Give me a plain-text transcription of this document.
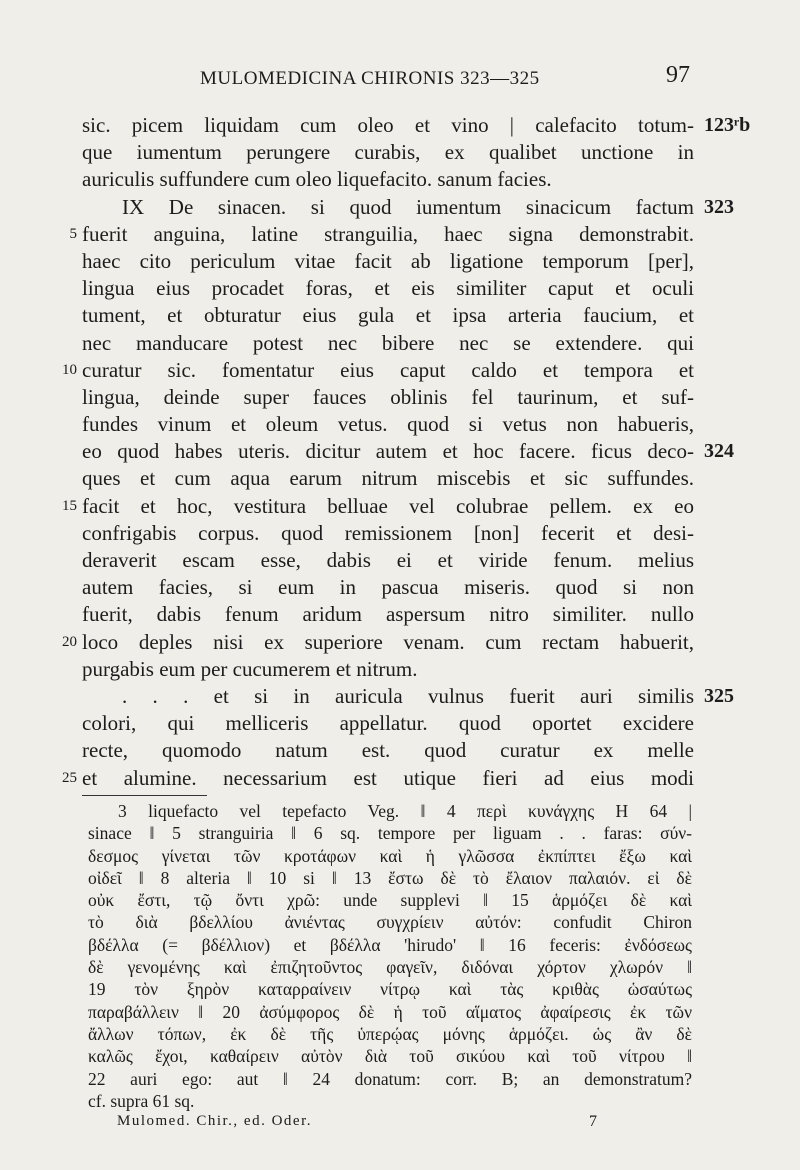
MULOMEDICINA CHIRONIS 323—325	97
sic. picem liquidam cum oleo et vino | calefacito totum- 123ʳb
que iumentum perungere curabis, ex qualibet unctione in
auriculis suffundere cum oleo liquefacito. sanum facies.
IX De sinacen. si quod iumentum sinacicum factum 323
fuerit anguina, latine stranguilia, haec signa demonstrabit.
5
haec cito periculum vitae facit ab ligatione temporum [per],
lingua eius procadet foras, et eis similiter caput et oculi
tument, et obturatur eius gula et ipsa arteria faucium, et
nec manducare potest nec bibere nec se extendere. qui
curatur sic. fomentatur eius caput caldo et tempora et
10
lingua, deinde super fauces oblinis fel taurinum, et suf-
fundes vinum et oleum vetus. quod si vetus non habueris,
eo quod habes uteris. dicitur autem et hoc facere. ficus deco- 324
ques et cum aqua earum nitrum miscebis et sic suffundes.
facit et hoc, vestitura belluae vel colubrae pellem. ex eo
15
confrigabis corpus. quod remissionem [non] fecerit et desi-
deraverit escam esse, dabis ei et viride fenum. melius
autem facies, si eum in pascua miseris. quod si non
fuerit, dabis fenum aridum aspersum nitro similiter. nullo
loco deples nisi ex superiore venam. cum rectam habuerit,
20
purgabis eum per cucumerem et nitrum.
. . . et si in auricula vulnus fuerit auri similis 325
colori, qui melliceris appellatur. quod oportet excidere
recte, quomodo natum est. quod curatur ex melle
et alumine. necessarium est utique fieri ad eius modi
25
3 liquefacto vel tepefacto Veg. ‖ 4 περὶ κυνάγχης H 64 |
sinace ‖ 5 stranguiria ‖ 6 sq. tempore per liguam . . faras: σύν-
δεσμος γίνεται τῶν κροτάφων καὶ ἡ γλῶσσα ἐκπίπτει ἔξω καὶ
οἰδεῖ ‖ 8 alteria ‖ 10 si ‖ 13 ἔστω δὲ τὸ ἔλαιον παλαιόν. εἰ δὲ
οὐκ ἔστι, τῷ ὄντι χρῶ: unde supplevi ‖ 15 ἁρμόζει δὲ καὶ
τὸ διὰ βδελλίου ἀνιέντας συγχρίειν αὐτόν: confudit Chiron
βδέλλα (= βδέλλιον) et βδέλλα 'hirudo' ‖ 16 feceris: ἐνδόσεως
δὲ γενομένης καὶ ἐπιζητοῦντος φαγεῖν, διδόναι χόρτον χλωρόν ‖
19 τὸν ξηρὸν καταρραίνειν νίτρῳ καὶ τὰς κριθὰς ὡσαύτως
παραβάλλειν ‖ 20 ἀσύμφορος δὲ ἡ τοῦ αἵματος ἀφαίρεσις ἐκ τῶν
ἄλλων τόπων, ἐκ δὲ τῆς ὑπερῴας μόνης ἁρμόζει. ὡς ἂν δὲ
καλῶς ἔχοι, καθαίρειν αὐτὸν διὰ τοῦ σικύου καὶ τοῦ νίτρου ‖
22 auri ego: aut ‖ 24 donatum: corr. B; an demonstratum?
cf. supra 61 sq.
Mulomed. Chir., ed. Oder.	7
